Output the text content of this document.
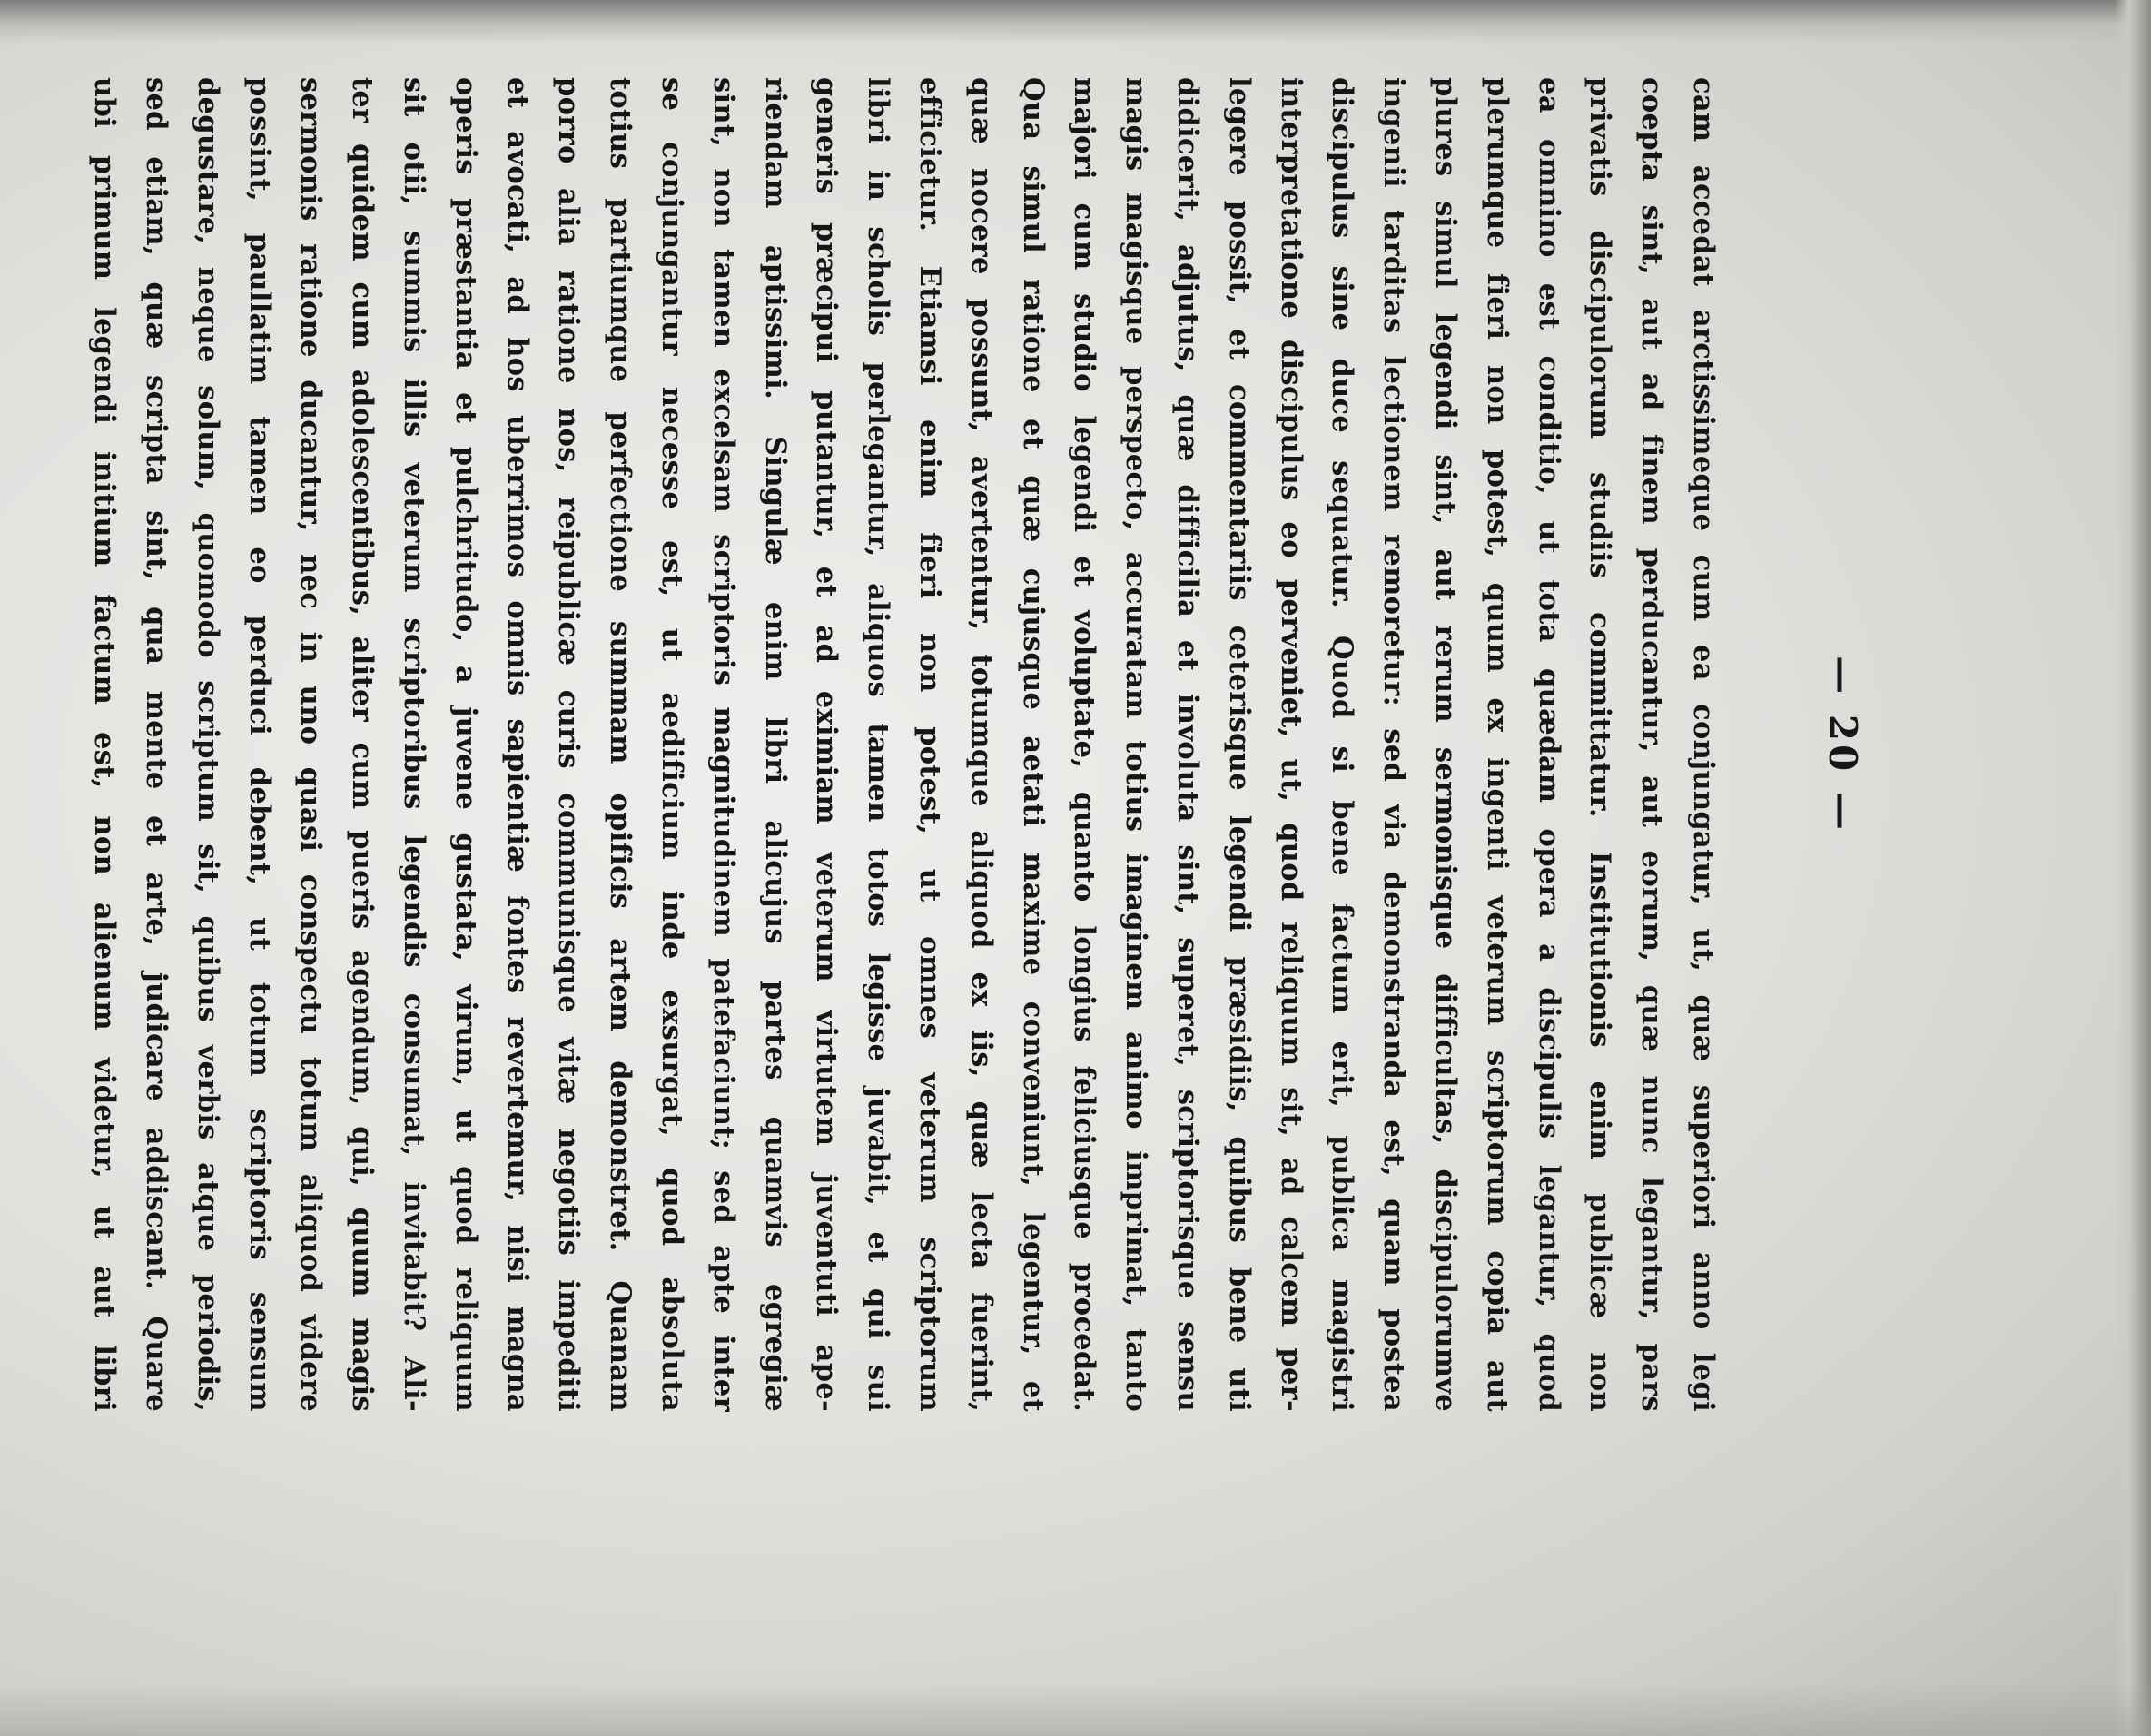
— 20 —
cam accedat arctissimeque cum ea conjungatur, ut, quæ superiori anno legi
coepta sint, aut ad finem perducantur, aut eorum, quæ nunc legantur, pars
privatis discipulorum studiis committatur. Institutionis enim publicæ non
ea omnino est conditio, ut tota quædam opera a discipulis legantur, quod
plerumque fieri non potest, quum ex ingenti veterum scriptorum copia aut
plures simul legendi sint, aut rerum sermonisque difficultas, discipulorumve
ingenii tarditas lectionem remoretur: sed via demonstranda est, quam postea
discipulus sine duce sequatur. Quod si bene factum erit, publica magistri
interpretatione discipulus eo perveniet, ut, quod reliquum sit, ad calcem per-
legere possit, et commentariis ceterisque legendi præsidiis, quibus bene uti
didicerit, adjutus, quæ difficilia et involuta sint, superet, scriptorisque sensu
magis magisque perspecto, accuratam totius imaginem animo imprimat, tanto
majori cum studio legendi et voluptate, quanto longius feliciusque procedat.
Qua simul ratione et quæ cujusque aetati maxime conveniunt, legentur, et
quæ nocere possunt, avertentur, totumque aliquod ex iis, quæ lecta fuerint,
efficietur. Etiamsi enim fieri non potest, ut omnes veterum scriptorum
libri in scholis perlegantur, aliquos tamen totos legisse juvabit, et qui sui
generis præcipui putantur, et ad eximiam veterum virtutem juventuti ape-
riendam aptissimi. Singulæ enim libri alicujus partes quamvis egregiæ
sint, non tamen excelsam scriptoris magnitudinem patefaciunt; sed apte inter
se conjungantur necesse est, ut aedificium inde exsurgat, quod absoluta
totius partiumque perfectione summam opificis artem demonstret. Quanam
porro alia ratione nos, reipublicæ curis communisque vitæ negotiis impediti
et avocati, ad hos uberrimos omnis sapientiæ fontes revertemur, nisi magna
operis præstantia et pulchritudo, a juvene gustata, virum, ut quod reliquum
sit otii, summis illis veterum scriptoribus legendis consumat, invitabit? Ali-
ter quidem cum adolescentibus, aliter cum pueris agendum, qui, quum magis
sermonis ratione ducantur, nec in uno quasi conspectu totum aliquod videre
possint, paullatim tamen eo perduci debent, ut totum scriptoris sensum
degustare, neque solum, quomodo scriptum sit, quibus verbis atque periodis,
sed etiam, quæ scripta sint, qua mente et arte, judicare addiscant. Quare
ubi primum legendi initium factum est, non alienum videtur, ut aut libri
